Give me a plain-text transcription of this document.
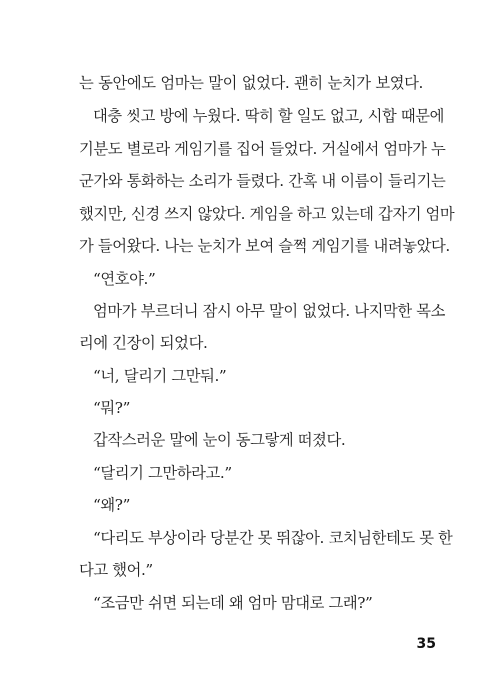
는 동안에도 엄마는 말이 없었다. 괜히 눈치가 보였다.
대충 씻고 방에 누웠다. 딱히 할 일도 없고, 시합 때문에
기분도 별로라 게임기를 집어 들었다. 거실에서 엄마가 누
군가와 통화하는 소리가 들렸다. 간혹 내 이름이 들리기는
했지만, 신경 쓰지 않았다. 게임을 하고 있는데 갑자기 엄마
가 들어왔다. 나는 눈치가 보여 슬쩍 게임기를 내려놓았다.
“연호야.”
엄마가 부르더니 잠시 아무 말이 없었다. 나지막한 목소
리에 긴장이 되었다.
“너, 달리기 그만둬.”
“뭐?”
갑작스러운 말에 눈이 동그랗게 떠졌다.
“달리기 그만하라고.”
“왜?”
“다리도 부상이라 당분간 못 뛰잖아. 코치님한테도 못 한
다고 했어.”
“조금만 쉬면 되는데 왜 엄마 맘대로 그래?”
35
